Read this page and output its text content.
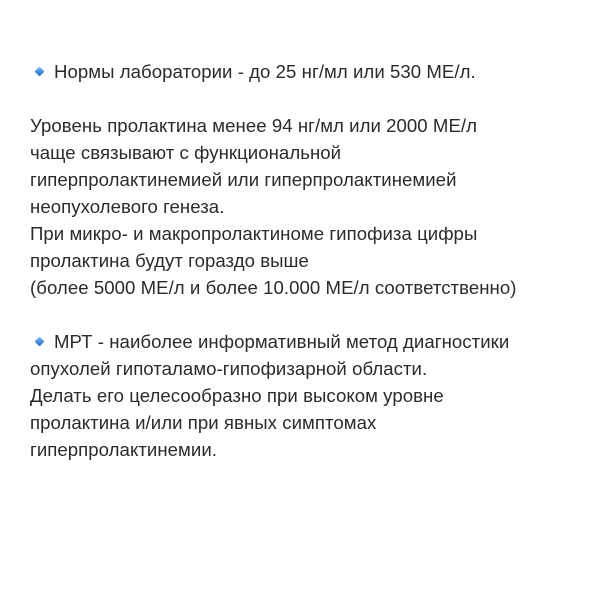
Нормы лаборатории - до 25 нг/мл или 530 МЕ/л.
Уровень пролактина менее 94 нг/мл или 2000 МЕ/л
чаще связывают с функциональной
гиперпролактинемией или гиперпролактинемией
неопухолевого генеза.
При микро- и макропролактиноме гипофиза цифры
пролактина будут гораздо выше
(более 5000 МЕ/л и более 10.000 МЕ/л соответственно)
МРТ - наиболее информативный метод диагностики
опухолей гипоталамо-гипофизарной области.
Делать его целесообразно при высоком уровне
пролактина и/или при явных симптомах
гиперпролактинемии.
